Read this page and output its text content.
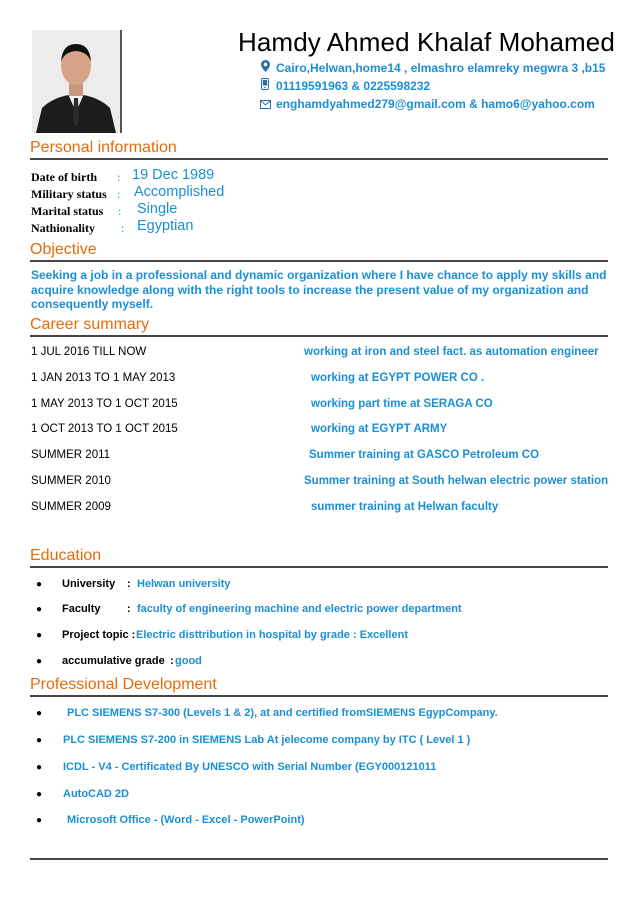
Hamdy Ahmed Khalaf Mohamed
Cairo,Helwan,home14 , elmashro elamreky megwra 3 ,b15
01119591963 & 0225598232
enghamdyahmed279@gmail.com & hamo6@yahoo.com
Personal information
Date of birth : 19 Dec 1989
Military status : Accomplished
Marital status : Single
Nathionality : Egyptian
Objective
Seeking a job in a professional and dynamic organization where I have chance to apply my skills and acquire knowledge along with the right tools to increase the present value of my organization and consequently myself.
Career summary
1 JUL 2016 TILL NOW	working at iron and steel fact. as automation engineer
1 JAN 2013 TO 1 MAY 2013	working at EGYPT POWER CO .
1 MAY 2013 TO 1 OCT 2015	working part time at SERAGA CO
1 OCT 2013 TO 1 OCT 2015	working at EGYPT ARMY
SUMMER 2011	Summer training at GASCO Petroleum CO
SUMMER 2010	Summer training at South helwan electric power station
SUMMER 2009	summer training at Helwan faculty
Education
● University : Helwan university
● Faculty : faculty of engineering machine and electric power department
● Project topic : Electric disttribution in hospital by grade : Excellent
● accumulative grade : good
Professional Development
● PLC SIEMENS S7-300 (Levels 1 & 2), at and certified fromSIEMENS EgypCompany.
● PLC SIEMENS S7-200 in SIEMENS Lab At jelecome company by ITC ( Level 1 )
● ICDL - V4 - Certificated By UNESCO with Serial Number (EGY000121011
● AutoCAD 2D
● Microsoft Office - (Word - Excel - PowerPoint)
